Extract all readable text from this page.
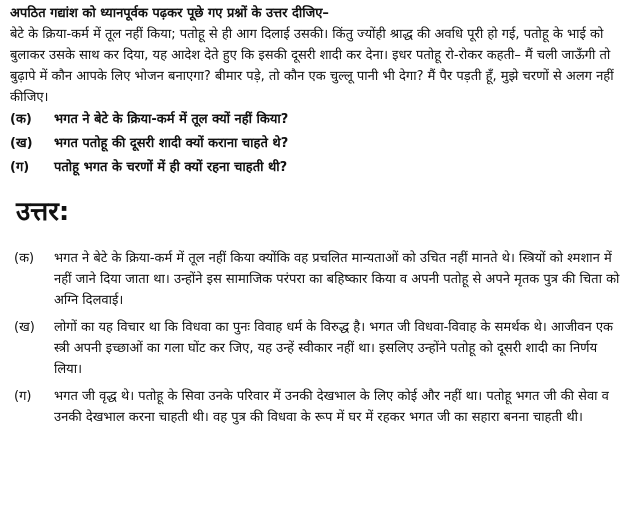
अपठित गद्यांश को ध्यानपूर्वक पढ़कर पूछे गए प्रश्नों के उत्तर दीजिए–

बेटे के क्रिया-कर्म में तूल नहीं किया; पतोहू से ही आग दिलाई उसकी। किंतु ज्योंही श्राद्ध की अवधि पूरी हो गई, पतोहू के भाई को बुलाकर उसके साथ कर दिया, यह आदेश देते हुए कि इसकी दूसरी शादी कर देना। इधर पतोहू रो-रोकर कहती– मैं चली जाऊँगी तो बुढ़ापे में कौन आपके लिए भोजन बनाएगा? बीमार पड़े, तो कौन एक चुल्लू पानी भी देगा? मैं पैर पड़ती हूँ, मुझे चरणों से अलग नहीं कीजिए।

(क)	भगत ने बेटे के क्रिया-कर्म में तूल क्यों नहीं किया?
(ख)	भगत पतोहू की दूसरी शादी क्यों कराना चाहते थे?
(ग)	पतोहू भगत के चरणों में ही क्यों रहना चाहती थी?
उत्तर:
(क)	भगत ने बेटे के क्रिया-कर्म में तूल नहीं किया क्योंकि वह प्रचलित मान्यताओं को उचित नहीं मानते थे। स्त्रियों को श्मशान में नहीं जाने दिया जाता था। उन्होंने इस सामाजिक परंपरा का बहिष्कार किया व अपनी पतोहू से अपने मृतक पुत्र की चिता को अग्नि दिलवाई।
(ख)	लोगों का यह विचार था कि विधवा का पुनः विवाह धर्म के विरुद्ध है। भगत जी विधवा-विवाह के समर्थक थे। आजीवन एक स्त्री अपनी इच्छाओं का गला घोंट कर जिए, यह उन्हें स्वीकार नहीं था। इसलिए उन्होंने पतोहू को दूसरी शादी का निर्णय लिया।
(ग)	भगत जी वृद्ध थे। पतोहू के सिवा उनके परिवार में उनकी देखभाल के लिए कोई और नहीं था। पतोहू भगत जी की सेवा व उनकी देखभाल करना चाहती थी। वह पुत्र की विधवा के रूप में घर में रहकर भगत जी का सहारा बनना चाहती थी।
